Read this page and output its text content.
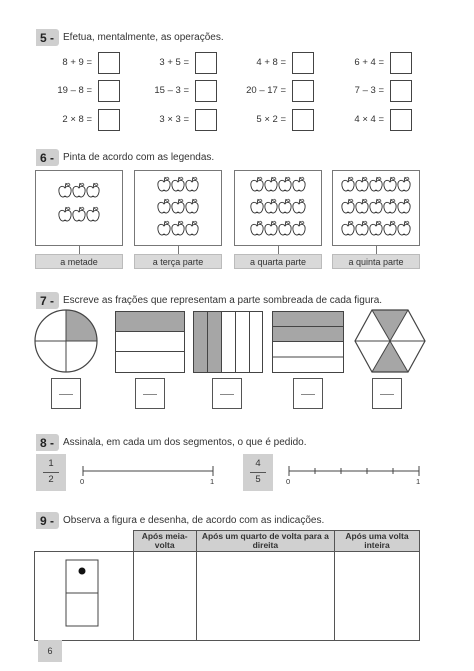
5 - Efetua, mentalmente, as operações.
8 + 9 =	3 + 5 =	4 + 8 =	6 + 4 =
19 – 8 =	15 – 3 =	20 – 17 =	7 – 3 =
2 × 8 =	3 × 3 =	5 × 2 =	4 × 4 =
6 - Pinta de acordo com as legendas.
a metade	a terça parte	a quarta parte	a quinta parte
7 - Escreve as frações que representam a parte sombreada de cada figura.
8 - Assinala, em cada um dos segmentos, o que é pedido.
1
2	0	1
4
5	0	1
9 - Observa a figura e desenha, de acordo com as indicações.
	Após meia-volta	Após um quarto de volta para a direita	Após uma volta inteira

6
